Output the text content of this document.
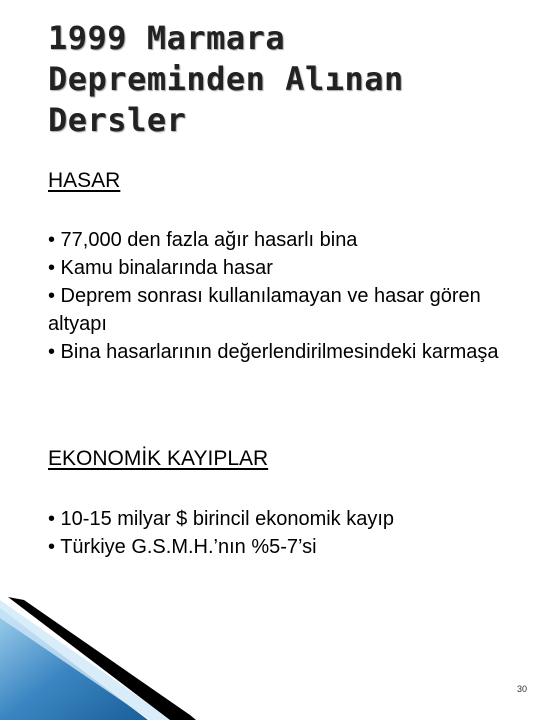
1999 Marmara
Depreminden Alınan
Dersler
HASAR
• 77,000 den fazla ağır hasarlı bina
• Kamu binalarında hasar
• Deprem sonrası kullanılamayan ve hasar gören altyapı
• Bina hasarlarının değerlendirilmesindeki karmaşa
EKONOMİK KAYIPLAR
• 10-15 milyar $ birincil ekonomik kayıp
• Türkiye G.S.M.H.’nın %5-7’si
30
